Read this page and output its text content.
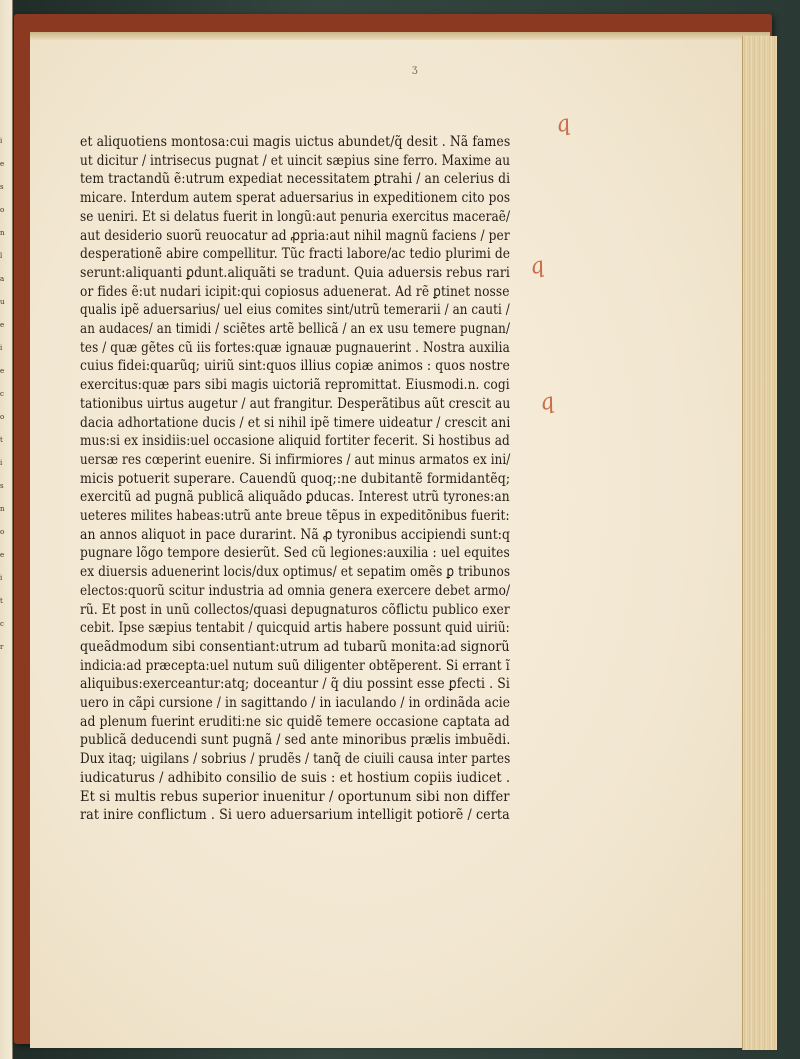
i
e
s
o
n
l
a
u
e
i
e
c
o
t
i
s
n
o
e
i
t
c
r
ʒ
et aliquotiens montosa:cui magis uictus abundet/q̃ desit . Nã fames
ut dicitur / intrisecus pugnat / et uincit sæpius sine ferro. Maxime au
tem tractandũ ẽ:utrum expediat necessitatem ꝑtrahi / an celerius di
micare. Interdum autem sperat aduersarius in expeditionem cito pos
se ueniri. Et si delatus fuerit in longũ:aut penuria exercitus maceraẽ/
aut desiderio suorũ reuocatur ad ꝓpria:aut nihil magnũ faciens / per
desperationẽ abire compellitur. Tũc fracti labore/ac tedio plurimi de
serunt:aliquanti ꝑdunt.aliquãti se tradunt. Quia aduersis rebus rari
or fides ẽ:ut nudari icipit:qui copiosus aduenerat. Ad rẽ ꝑtinet nosse
qualis ipẽ aduersarius/ uel eius comites sint/utrũ temerarii / an cauti /
an audaces/ an timidi / sciẽtes artẽ bellicã / an ex usu temere pugnan/
tes / quæ gẽtes cũ iis fortes:quæ ignauæ pugnauerint . Nostra auxilia
cuius fidei:quarũq; uiriũ sint:quos illius copiæ animos : quos nostre
exercitus:quæ pars sibi magis uictoriã repromittat. Eiusmodi.n. cogi
tationibus uirtus augetur / aut frangitur. Desperãtibus aũt crescit au
dacia adhortatione ducis / et si nihil ipẽ timere uideatur / crescit ani
mus:si ex insidiis:uel occasione aliquid fortiter fecerit. Si hostibus ad
uersæ res cœperint euenire. Si infirmiores / aut minus armatos ex ini/
micis potuerit superare. Cauendũ quoq;:ne dubitantẽ formidantẽq;
exercitũ ad pugnã publicã aliquãdo ꝑducas. Interest utrũ tyrones:an
ueteres milites habeas:utrũ ante breue tẽpus in expeditõnibus fuerit:
an annos aliquot in pace durarint. Nã ꝓ tyronibus accipiendi sunt:q
pugnare lõgo tempore desierũt. Sed cũ legiones:auxilia : uel equites
ex diuersis aduenerint locis/dux optimus/ et sepatim omẽs ꝑ tribunos
electos:quorũ scitur industria ad omnia genera exercere debet armo/
rũ. Et post in unũ collectos/quasi depugnaturos cõflictu publico exer
cebit. Ipse sæpius tentabit / quicquid artis habere possunt quid uiriũ:
queãdmodum sibi consentiant:utrum ad tubarũ monita:ad signorũ
indicia:ad præcepta:uel nutum suũ diligenter obtẽperent. Si errant ĩ
aliquibus:exerceantur:atq; doceantur / q̃ diu possint esse ꝑfecti . Si
uero in cãpi cursione / in sagittando / in iaculando / in ordinãda acie
ad plenum fuerint eruditi:ne sic quidẽ temere occasione captata ad
publicã deducendi sunt pugnã / sed ante minoribus prælis imbuẽdi.
Dux itaq; uigilans / sobrius / prudẽs / tanq̃ de ciuili causa inter partes
iudicaturus / adhibito consilio de suis : et hostium copiis iudicet .
Et si multis rebus superior inuenitur / oportunum sibi non differ
rat inire conflictum . Si uero aduersarium intelligit potiorẽ / certa
q
q
q
